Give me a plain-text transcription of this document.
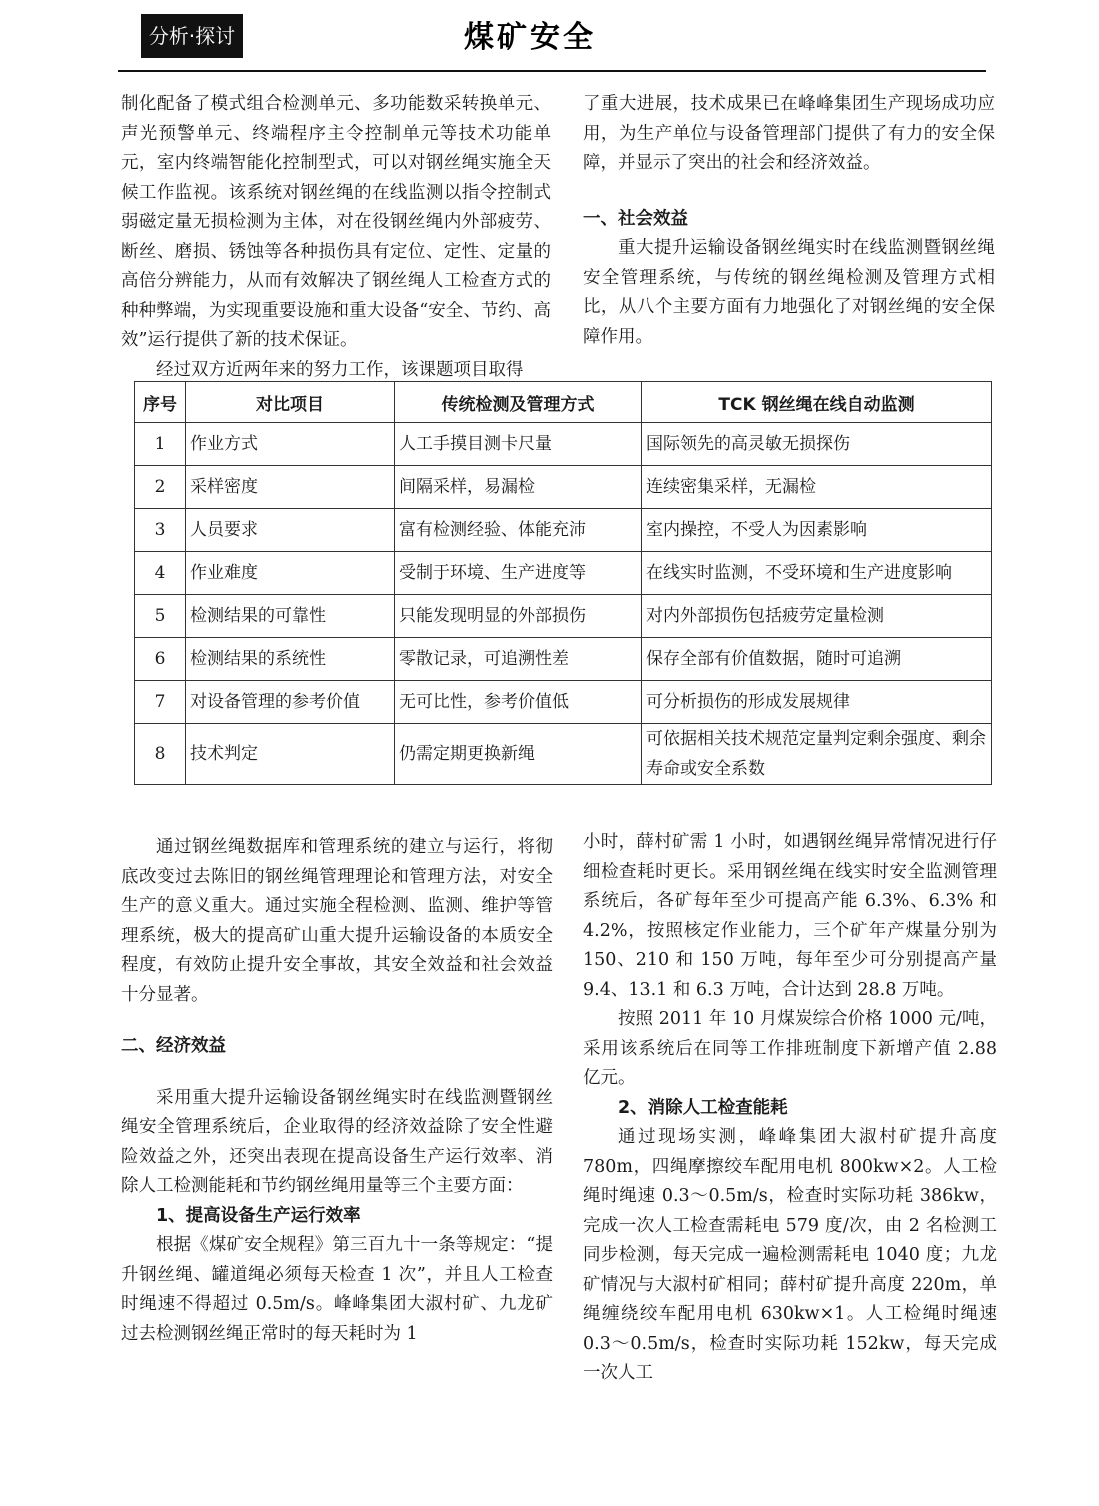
分析·探讨	煤矿安全

制化配备了模式组合检测单元、多功能数采转换单元、声光预警单元、终端程序主令控制单元等技术功能单元，室内终端智能化控制型式，可以对钢丝绳实施全天候工作监视。该系统对钢丝绳的在线监测以指令控制式弱磁定量无损检测为主体，对在役钢丝绳内外部疲劳、断丝、磨损、锈蚀等各种损伤具有定位、定性、定量的高倍分辨能力，从而有效解决了钢丝绳人工检查方式的种种弊端，为实现重要设施和重大设备“安全、节约、高效”运行提供了新的技术保证。

经过双方近两年来的努力工作，该课题项目取得

了重大进展，技术成果已在峰峰集团生产现场成功应用，为生产单位与设备管理部门提供了有力的安全保障，并显示了突出的社会和经济效益。

一、社会效益

重大提升运输设备钢丝绳实时在线监测暨钢丝绳安全管理系统，与传统的钢丝绳检测及管理方式相比，从八个主要方面有力地强化了对钢丝绳的安全保障作用。

序号	对比项目	传统检测及管理方式	TCK 钢丝绳在线自动监测
1	作业方式	人工手摸目测卡尺量	国际领先的高灵敏无损探伤
2	采样密度	间隔采样，易漏检	连续密集采样，无漏检
3	人员要求	富有检测经验、体能充沛	室内操控，不受人为因素影响
4	作业难度	受制于环境、生产进度等	在线实时监测，不受环境和生产进度影响
5	检测结果的可靠性	只能发现明显的外部损伤	对内外部损伤包括疲劳定量检测
6	检测结果的系统性	零散记录，可追溯性差	保存全部有价值数据，随时可追溯
7	对设备管理的参考价值	无可比性，参考价值低	可分析损伤的形成发展规律
8	技术判定	仍需定期更换新绳	可依据相关技术规范定量判定剩余强度、剩余寿命或安全系数

通过钢丝绳数据库和管理系统的建立与运行，将彻底改变过去陈旧的钢丝绳管理理论和管理方法，对安全生产的意义重大。通过实施全程检测、监测、维护等管理系统，极大的提高矿山重大提升运输设备的本质安全程度，有效防止提升安全事故，其安全效益和社会效益十分显著。

二、经济效益

采用重大提升运输设备钢丝绳实时在线监测暨钢丝绳安全管理系统后，企业取得的经济效益除了安全性避险效益之外，还突出表现在提高设备生产运行效率、消除人工检测能耗和节约钢丝绳用量等三个主要方面：

1、提高设备生产运行效率

根据《煤矿安全规程》第三百九十一条等规定：“提升钢丝绳、罐道绳必须每天检查 1 次”，并且人工检查时绳速不得超过 0.5m/s。峰峰集团大淑村矿、九龙矿过去检测钢丝绳正常时的每天耗时为 1

小时，薛村矿需 1 小时，如遇钢丝绳异常情况进行仔细检查耗时更长。采用钢丝绳在线实时安全监测管理系统后，各矿每年至少可提高产能 6.3%、6.3% 和 4.2%，按照核定作业能力，三个矿年产煤量分别为 150、210 和 150 万吨，每年至少可分别提高产量 9.4、13.1 和 6.3 万吨，合计达到 28.8 万吨。

按照 2011 年 10 月煤炭综合价格 1000 元/吨，采用该系统后在同等工作排班制度下新增产值 2.88 亿元。

2、消除人工检查能耗

通过现场实测，峰峰集团大淑村矿提升高度 780m，四绳摩擦绞车配用电机 800kw×2。人工检绳时绳速 0.3～0.5m/s，检查时实际功耗 386kw，完成一次人工检查需耗电 579 度/次，由 2 名检测工同步检测，每天完成一遍检测需耗电 1040 度；九龙矿情况与大淑村矿相同；薛村矿提升高度 220m，单绳缠绕绞车配用电机 630kw×1。人工检绳时绳速 0.3～0.5m/s，检查时实际功耗 152kw，每天完成一次人工
